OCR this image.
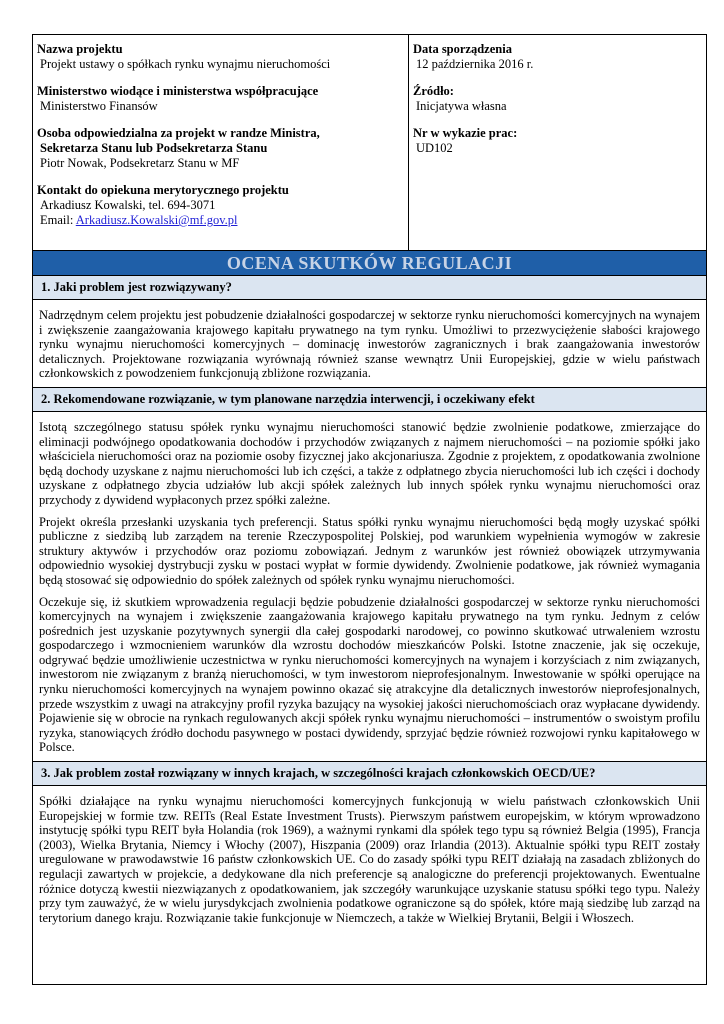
Nazwa projektu
Projekt ustawy o spółkach rynku wynajmu nieruchomości
Ministerstwo wiodące i ministerstwa współpracujące
Ministerstwo Finansów
Osoba odpowiedzialna za projekt w randze Ministra,
Sekretarza Stanu lub Podsekretarza Stanu
Piotr Nowak, Podsekretarz Stanu w MF
Kontakt do opiekuna merytorycznego projektu
Arkadiusz Kowalski, tel. 694-3071
Email: Arkadiusz.Kowalski@mf.gov.pl
Data sporządzenia
12 października 2016 r.
Źródło:
Inicjatywa własna
Nr w wykazie prac:
UD102
OCENA SKUTKÓW REGULACJI
1. Jaki problem jest rozwiązywany?

Nadrzędnym celem projektu jest pobudzenie działalności gospodarczej w sektorze rynku nieruchomości komercyjnych na wynajem i zwiększenie zaangażowania krajowego kapitału prywatnego na tym rynku. Umożliwi to przezwyciężenie słabości krajowego rynku wynajmu nieruchomości komercyjnych – dominację inwestorów zagranicznych i brak zaangażowania inwestorów detalicznych. Projektowane rozwiązania wyrównają również szanse wewnątrz Unii Europejskiej, gdzie w wielu państwach członkowskich z powodzeniem funkcjonują zbliżone rozwiązania.

2. Rekomendowane rozwiązanie, w tym planowane narzędzia interwencji, i oczekiwany efekt

Istotą szczególnego statusu spółek rynku wynajmu nieruchomości stanowić będzie zwolnienie podatkowe, zmierzające do eliminacji podwójnego opodatkowania dochodów i przychodów związanych z najmem nieruchomości – na poziomie spółki jako właściciela nieruchomości oraz na poziomie osoby fizycznej jako akcjonariusza. Zgodnie z projektem, z opodatkowania zwolnione będą dochody uzyskane z najmu nieruchomości lub ich części, a także z odpłatnego zbycia nieruchomości lub ich części i dochody uzyskane z odpłatnego zbycia udziałów lub akcji spółek zależnych lub innych spółek rynku wynajmu nieruchomości oraz przychody z dywidend wypłaconych przez spółki zależne.

Projekt określa przesłanki uzyskania tych preferencji. Status spółki rynku wynajmu nieruchomości będą mogły uzyskać spółki publiczne z siedzibą lub zarządem na terenie Rzeczypospolitej Polskiej, pod warunkiem wypełnienia wymogów w zakresie struktury aktywów i przychodów oraz poziomu zobowiązań. Jednym z warunków jest również obowiązek utrzymywania odpowiednio wysokiej dystrybucji zysku w postaci wypłat w formie dywidendy. Zwolnienie podatkowe, jak również wymagania będą stosować się odpowiednio do spółek zależnych od spółek rynku wynajmu nieruchomości.

Oczekuje się, iż skutkiem wprowadzenia regulacji będzie pobudzenie działalności gospodarczej w sektorze rynku nieruchomości komercyjnych na wynajem i zwiększenie zaangażowania krajowego kapitału prywatnego na tym rynku. Jednym z celów pośrednich jest uzyskanie pozytywnych synergii dla całej gospodarki narodowej, co powinno skutkować utrwaleniem wzrostu gospodarczego i wzmocnieniem warunków dla wzrostu dochodów mieszkańców Polski. Istotne znaczenie, jak się oczekuje, odgrywać będzie umożliwienie uczestnictwa w rynku nieruchomości komercyjnych na wynajem i korzyściach z nim związanych, inwestorom nie związanym z branżą nieruchomości, w tym inwestorom nieprofesjonalnym. Inwestowanie w spółki operujące na rynku nieruchomości komercyjnych na wynajem powinno okazać się atrakcyjne dla detalicznych inwestorów nieprofesjonalnych, przede wszystkim z uwagi na atrakcyjny profil ryzyka bazujący na wysokiej jakości nieruchomościach oraz wypłacane dywidendy. Pojawienie się w obrocie na rynkach regulowanych akcji spółek rynku wynajmu nieruchomości – instrumentów o swoistym profilu ryzyka, stanowiących źródło dochodu pasywnego w postaci dywidendy, sprzyjać będzie również rozwojowi rynku kapitałowego w Polsce.

3. Jak problem został rozwiązany w innych krajach, w szczególności krajach członkowskich OECD/UE?

Spółki działające na rynku wynajmu nieruchomości komercyjnych funkcjonują w wielu państwach członkowskich Unii Europejskiej w formie tzw. REITs (Real Estate Investment Trusts). Pierwszym państwem europejskim, w którym wprowadzono instytucję spółki typu REIT była Holandia (rok 1969), a ważnymi rynkami dla spółek tego typu są również Belgia (1995), Francja (2003), Wielka Brytania, Niemcy i Włochy (2007), Hiszpania (2009) oraz Irlandia (2013). Aktualnie spółki typu REIT zostały uregulowane w prawodawstwie 16 państw członkowskich UE. Co do zasady spółki typu REIT działają na zasadach zbliżonych do regulacji zawartych w projekcie, a dedykowane dla nich preferencje są analogiczne do preferencji projektowanych. Ewentualne różnice dotyczą kwestii niezwiązanych z opodatkowaniem, jak szczegóły warunkujące uzyskanie statusu spółki tego typu. Należy przy tym zauważyć, że w wielu jurysdykcjach zwolnienia podatkowe ograniczone są do spółek, które mają siedzibę lub zarząd na terytorium danego kraju. Rozwiązanie takie funkcjonuje w Niemczech, a także w Wielkiej Brytanii, Belgii i Włoszech.
